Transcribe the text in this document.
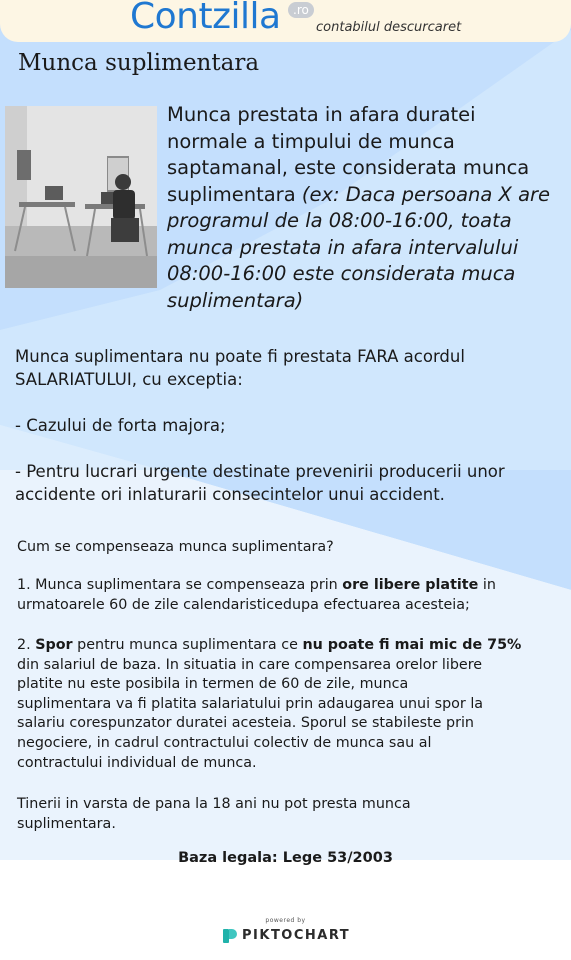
Contzilla	.ro
contabilul descurcaret
Munca suplimentara
Munca prestata in afara duratei
normale a timpului de munca
saptamanal, este considerata munca
suplimentara (ex: Daca persoana X are
programul de la 08:00-16:00, toata
munca prestata in afara intervalului
08:00-16:00 este considerata muca
suplimentara)
Munca suplimentara nu poate fi prestata FARA acordul
SALARIATULUI, cu exceptia:
- Cazului de forta majora;
- Pentru lucrari urgente destinate prevenirii producerii unor
accidente ori inlaturarii consecintelor unui accident.
Cum se compenseaza munca suplimentara?
1. Munca suplimentara se compenseaza prin ore libere platite in
urmatoarele 60 de zile calendaristicedupa efectuarea acesteia;
2. Spor pentru munca suplimentara ce nu poate fi mai mic de 75%
din salariul de baza. In situatia in care compensarea orelor libere
platite nu este posibila in termen de 60 de zile, munca
suplimentara va fi platita salariatului prin adaugarea unui spor la
salariu corespunzator duratei acesteia. Sporul se stabileste prin
negociere, in cadrul contractului colectiv de munca sau al
contractului individual de munca.
Tinerii in varsta de pana la 18 ani nu pot presta munca
suplimentara.
Baza legala: Lege 53/2003
powered by
PIKTOCHART
